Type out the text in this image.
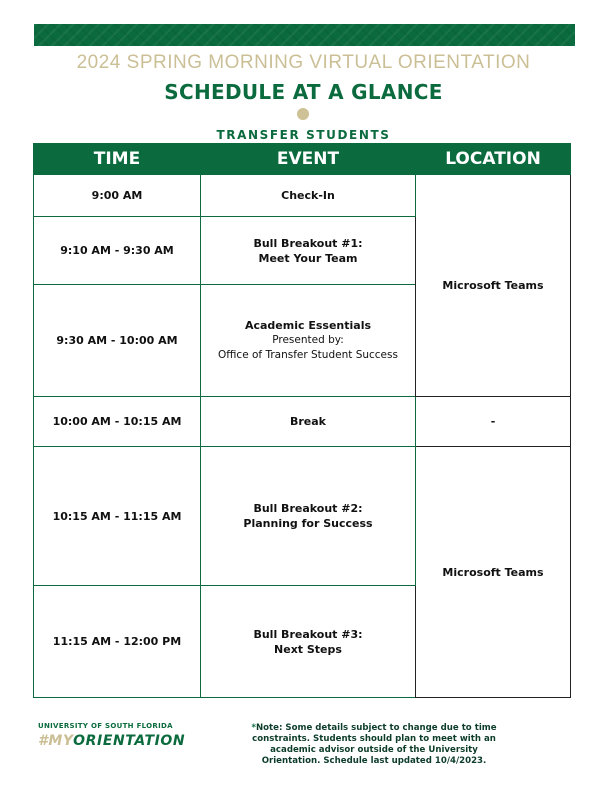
2024 SPRING MORNING VIRTUAL ORIENTATION
SCHEDULE AT A GLANCE
TRANSFER STUDENTS
TIME	EVENT	LOCATION
9:00 AM	Check-In	Microsoft Teams
9:10 AM - 9:30 AM	Bull Breakout #1:
Meet Your Team	

9:30 AM - 10:00 AM	Academic Essentials
Presented by:
Office of Transfer Student Success	

10:00 AM - 10:15 AM	Break	-
10:15 AM - 11:15 AM	Bull Breakout #2:
Planning for Success	Microsoft Teams
11:15 AM - 12:00 PM	Bull Breakout #3:
Next Steps	
UNIVERSITY OF SOUTH FLORIDA
#MYORIENTATION
*Note: Some details subject to change due to time constraints. Students should plan to meet with an academic advisor outside of the University Orientation. Schedule last updated 10/4/2023.
